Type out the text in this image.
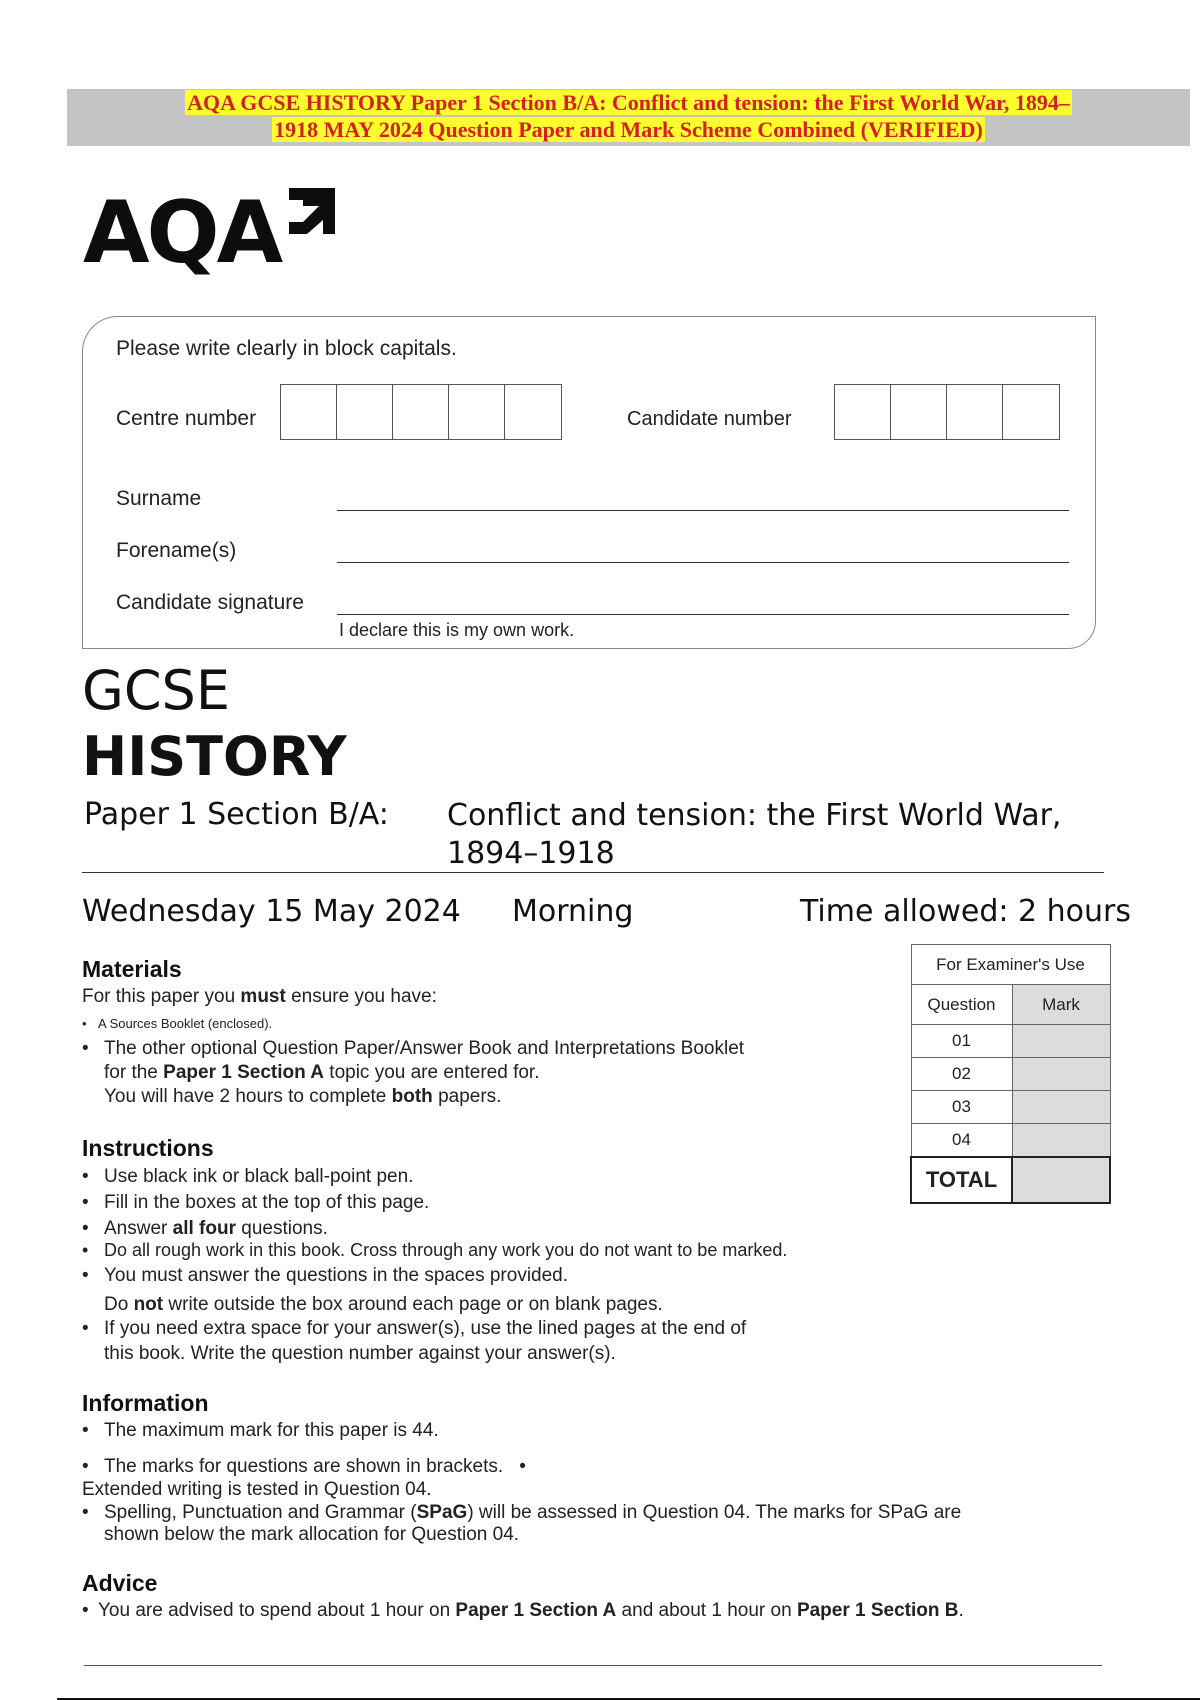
AQA GCSE HISTORY Paper 1 Section B/A: Conflict and tension: the First World War, 1894–
1918 MAY 2024 Question Paper and Mark Scheme Combined (VERIFIED)
AQA
Please write clearly in block capitals.
Centre number	Candidate number
Surname
Forename(s)
Candidate signature
I declare this is my own work.
GCSE
HISTORY
Paper 1 Section B/A: Conflict and tension: the First World War,
1894–1918
Wednesday 15 May 2024 Morning	Time allowed: 2 hours
Materials
For this paper you must ensure you have:
• A Sources Booklet (enclosed).
• The other optional Question Paper/Answer Book and Interpretations Booklet
for the Paper 1 Section A topic you are entered for.
You will have 2 hours to complete both papers.
Instructions
• Use black ink or black ball-point pen.
• Fill in the boxes at the top of this page.
• Answer all four questions.
• Do all rough work in this book. Cross through any work you do not want to be marked.
• You must answer the questions in the spaces provided.
Do not write outside the box around each page or on blank pages.
• If you need extra space for your answer(s), use the lined pages at the end of
this book. Write the question number against your answer(s).
Information
• The maximum mark for this paper is 44.
• The marks for questions are shown in brackets. •
Extended writing is tested in Question 04.
• Spelling, Punctuation and Grammar (SPaG) will be assessed in Question 04. The marks for SPaG are
shown below the mark allocation for Question 04.
Advice
• You are advised to spend about 1 hour on Paper 1 Section A and about 1 hour on Paper 1 Section B.
For Examiner's Use	
Question	Mark
01	
02	
03	
04	
TOTAL	
